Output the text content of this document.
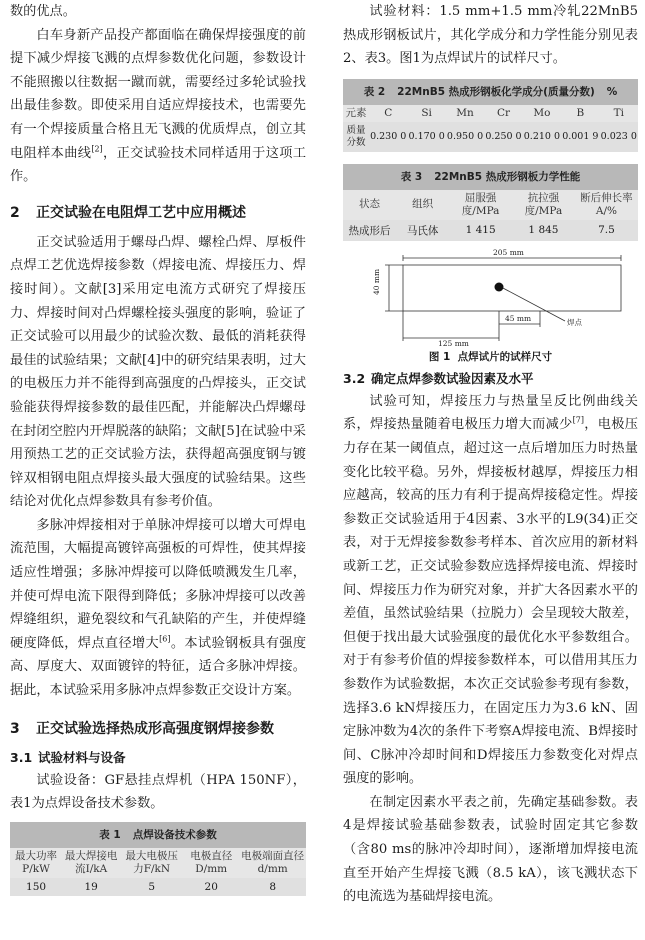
数的优点。

白车身新产品投产都面临在确保焊接强度的前提下减少焊接飞溅的点焊参数优化问题，参数设计不能照搬以往数据一蹴而就，需要经过多轮试验找出最佳参数。即使采用自适应焊接技术，也需要先有一个焊接质量合格且无飞溅的优质焊点，创立其电阻样本曲线[2]，正交试验技术同样适用于这项工作。

2 正交试验在电阻焊工艺中应用概述

正交试验适用于螺母凸焊、螺栓凸焊、厚板件点焊工艺优选焊接参数（焊接电流、焊接压力、焊接时间）。文献[3]采用定电流方式研究了焊接压力、焊接时间对凸焊螺栓接头强度的影响，验证了正交试验可以用最少的试验次数、最低的消耗获得最佳的试验结果；文献[4]中的研究结果表明，过大的电极压力并不能得到高强度的凸焊接头，正交试验能获得焊接参数的最佳匹配，并能解决凸焊螺母在封闭空腔内开焊脱落的缺陷；文献[5]在试验中采用预热工艺的正交试验方法，获得超高强度钢与镀锌双相钢电阻点焊接头最大强度的试验结果。这些结论对优化点焊参数具有参考价值。

多脉冲焊接相对于单脉冲焊接可以增大可焊电流范围，大幅提高镀锌高强板的可焊性，使其焊接适应性增强；多脉冲焊接可以降低喷溅发生几率，并使可焊电流下限得到降低；多脉冲焊接可以改善焊缝组织，避免裂纹和气孔缺陷的产生，并使焊缝硬度降低，焊点直径增大[6]。本试验钢板具有强度高、厚度大、双面镀锌的特征，适合多脉冲焊接。据此，本试验采用多脉冲点焊参数正交设计方案。

3 正交试验选择热成形高强度钢焊接参数
3.1 试验材料与设备

试验设备：GF悬挂点焊机（HPA 150NF），表1为点焊设备技术参数。

表 1 点焊设备技术参数
最大功率P/kW	最大焊接电流I/kA	最大电极压力F/kN	电极直径D/mm	电极端面直径d/mm
150	19	5	20	8

试验材料：1.5 mm+1.5 mm冷轧22MnB5热成形钢板试片，其化学成分和力学性能分别见表2、表3。图1为点焊试片的试样尺寸。

表 2 22MnB5 热成形钢板化学成分(质量分数) %
元素	C	Si	Mn	Cr	Mo	B	Ti
质量分数	0.230 0	0.170 0	0.950 0	0.250 0	0.210 0	0.001 9	0.023 0
表 3 22MnB5 热成形钢板力学性能
状态	组织	屈服强度/MPa	抗拉强度/MPa	断后伸长率A/%
热成形后	马氏体	1 415	1 845	7.5
205 mm
40 mm
45 mm
125 mm
焊点
图 1 点焊试片的试样尺寸
3.2 确定点焊参数试验因素及水平

试验可知，焊接压力与热量呈反比例曲线关系，焊接热量随着电极压力增大而减少[7]，电极压力存在某一阈值点，超过这一点后增加压力时热量变化比较平稳。另外，焊接板材越厚，焊接压力相应越高，较高的压力有利于提高焊接稳定性。焊接参数正交试验适用于4因素、3水平的L9(34)正交表，对于无焊接参数参考样本、首次应用的新材料或新工艺，正交试验参数应选择焊接电流、焊接时间、焊接压力作为研究对象，并扩大各因素水平的差值，虽然试验结果（拉脱力）会呈现较大散差，但便于找出最大试验强度的最优化水平参数组合。对于有参考价值的焊接参数样本，可以借用其压力参数作为试验数据，本次正交试验参考现有参数，选择3.6 kN焊接压力，在固定压力为3.6 kN、固定脉冲数为4次的条件下考察A焊接电流、B焊接时间、C脉冲冷却时间和D焊接压力参数变化对焊点强度的影响。

在制定因素水平表之前，先确定基础参数。表4是焊接试验基础参数表，试验时固定其它参数（含80 ms的脉冲冷却时间），逐渐增加焊接电流直至开始产生焊接飞溅（8.5 kA），该飞溅状态下的电流选为基础焊接电流。
